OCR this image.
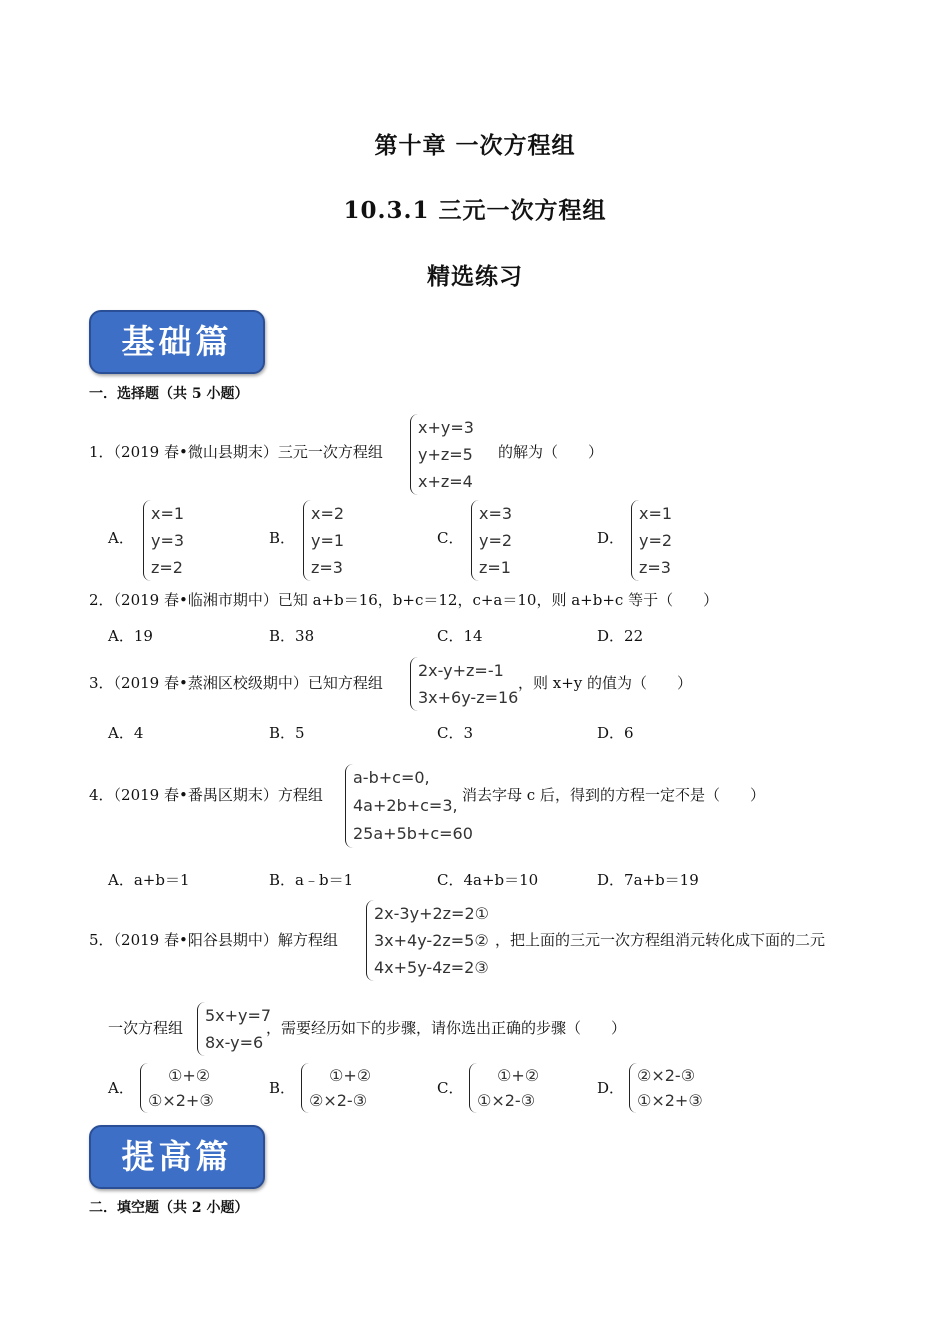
第十章 一次方程组
10.3.1 三元一次方程组
精选练习
基础篇
一．选择题（共 5 小题）
1．（2019 春•微山县期末）三元一次方程组
x+y=3
y+z=5
x+z=4
的解为（　　）
A．
x=1
y=3
z=2
B．
x=2
y=1
z=3
C．
x=3
y=2
z=1
D．
x=1
y=2
z=3
2．（2019 春•临湘市期中）已知 a+b＝16，b+c＝12，c+a＝10，则 a+b+c 等于（　　）
A．19	B．38	C．14	D．22
3．（2019 春•蒸湘区校级期中）已知方程组
2x-y+z=-1
3x+6y-z=16
，则 x+y 的值为（　　）
A．4	B．5	C．3	D．6
4．（2019 春•番禺区期末）方程组
a-b+c=0,
4a+2b+c=3,
25a+5b+c=60
消去字母 c 后，得到的方程一定不是（　　）
A．a+b＝1	B．a﹣b＝1	C．4a+b＝10	D．7a+b＝19
5．（2019 春•阳谷县期中）解方程组
2x-3y+2z=2①
3x+4y-2z=5②
4x+5y-4z=2③
，把上面的三元一次方程组消元转化成下面的二元
一次方程组
5x+y=7
8x-y=6
，需要经历如下的步骤，请你选出正确的步骤（　　）
A．
①+②
①×2+③
B．
①+②
②×2-③
C．
①+②
①×2-③
D．
②×2-③
①×2+③
提高篇
二．填空题（共 2 小题）
